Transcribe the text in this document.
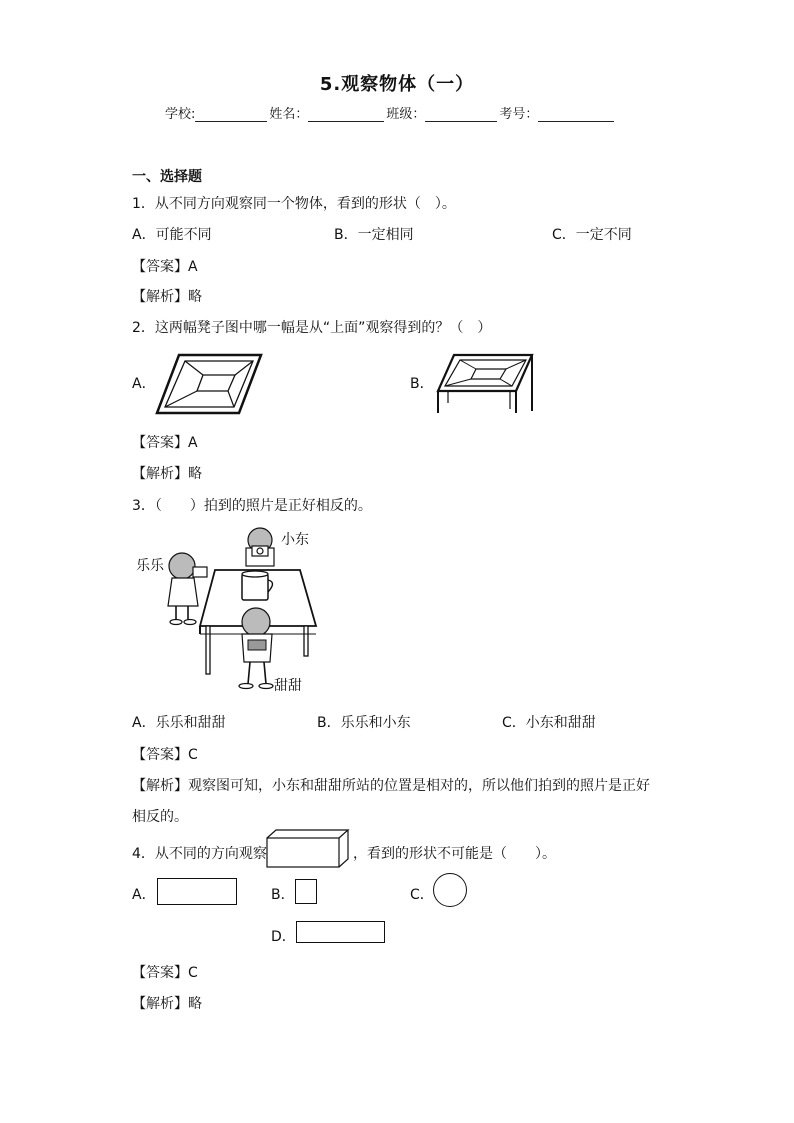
5.观察物体（一）
学校:	姓名：	班级：	考号：
一、选择题
1．从不同方向观察同一个物体，看到的形状（　）。
A．可能不同	B．一定相同	C．一定不同
【答案】A
【解析】略
2．这两幅凳子图中哪一幅是从“上面”观察得到的？（　）
A．	B．
【答案】A
【解析】略
3．（　　）拍到的照片是正好相反的。
乐乐
小东
甜甜
A．乐乐和甜甜	B．乐乐和小东	C．小东和甜甜
【答案】C
【解析】观察图可知，小东和甜甜所站的位置是相对的，所以他们拍到的照片是正好
相反的。
4．从不同的方向观察	，看到的形状不可能是（　　）。
A．	B．	C．
D．
【答案】C
【解析】略
